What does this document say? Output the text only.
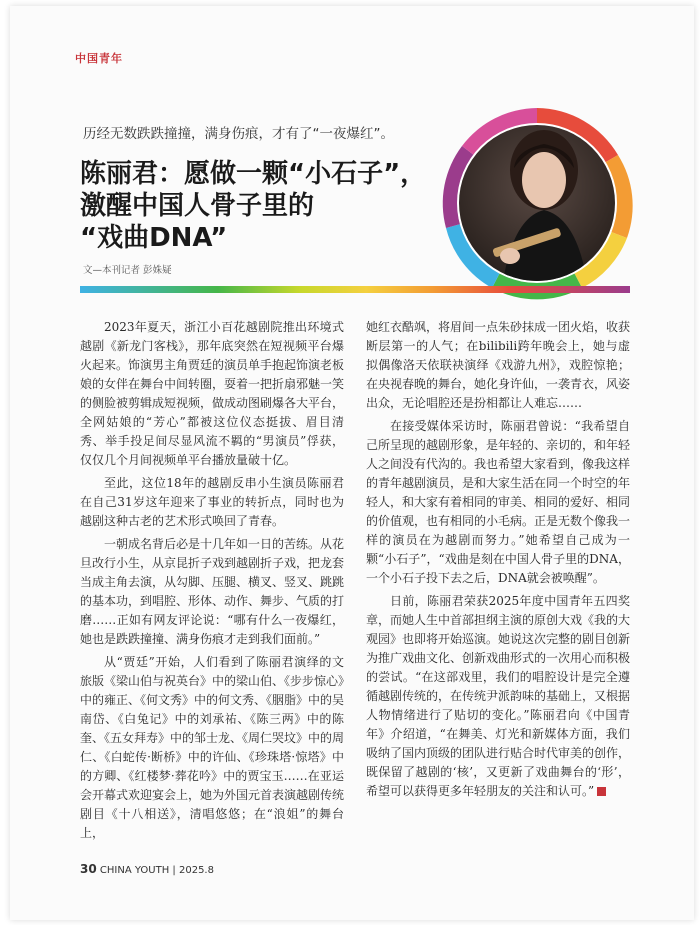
中国青年
历经无数跌跌撞撞，满身伤痕，才有了“一夜爆红”。
陈丽君：愿做一颗“小石子”，
激醒中国人骨子里的
“戏曲DNA”
文—本刊记者 彭姝疑

2023年夏天，浙江小百花越剧院推出环境式越剧《新龙门客栈》，那年底突然在短视频平台爆火起来。饰演男主角贾廷的演员单手抱起饰演老板娘的女伴在舞台中间转圈，耍着一把折扇邪魅一笑的侧脸被剪辑成短视频，做成动图刷爆各大平台，全网姑娘的“芳心”都被这位仪态挺拔、眉目清秀、举手投足间尽显风流不羁的“男演员”俘获，仅仅几个月间视频单平台播放量破十亿。

至此，这位18年的越剧反串小生演员陈丽君在自己31岁这年迎来了事业的转折点，同时也为越剧这种古老的艺术形式唤回了青春。

一朝成名背后必是十几年如一日的苦练。从花旦改行小生，从京昆折子戏到越剧折子戏，把龙套当成主角去演，从勾脚、压腿、横叉、竖叉、跳跳的基本功，到唱腔、形体、动作、舞步、气质的打磨……正如有网友评论说：“哪有什么一夜爆红，她也是跌跌撞撞、满身伤痕才走到我们面前。”

从“贾廷”开始，人们看到了陈丽君演绎的文旅版《梁山伯与祝英台》中的梁山伯、《步步惊心》中的雍正、《何文秀》中的何文秀、《胭脂》中的吴南岱、《白兔记》中的刘承祐、《陈三两》中的陈奎、《五女拜寿》中的邹士龙、《周仁哭坟》中的周仁、《白蛇传·断桥》中的许仙、《珍珠塔·惊塔》中的方卿、《红楼梦·葬花吟》中的贾宝玉……在亚运会开幕式欢迎宴会上，她为外国元首表演越剧传统剧目《十八相送》，清唱悠悠；在“浪姐”的舞台上，

她红衣酷飒，将眉间一点朱砂抹成一团火焰，收获断层第一的人气；在bilibili跨年晚会上，她与虚拟偶像洛天依联袂演绎《戏游九州》，戏腔惊艳；在央视春晚的舞台，她化身许仙，一袭青衣，风姿出众，无论唱腔还是扮相都让人难忘……

在接受媒体采访时，陈丽君曾说：“我希望自己所呈现的越剧形象，是年轻的、亲切的，和年轻人之间没有代沟的。我也希望大家看到，像我这样的青年越剧演员，是和大家生活在同一个时空的年轻人，和大家有着相同的审美、相同的爱好、相同的价值观，也有相同的小毛病。正是无数个像我一样的演员在为越剧而努力。”她希望自己成为一颗“小石子”，“戏曲是刻在中国人骨子里的DNA，一个小石子投下去之后，DNA就会被唤醒”。

日前，陈丽君荣获2025年度中国青年五四奖章，而她人生中首部担纲主演的原创大戏《我的大观园》也即将开始巡演。她说这次完整的剧目创新为推广戏曲文化、创新戏曲形式的一次用心而积极的尝试。“在这部戏里，我们的唱腔设计是完全遵循越剧传统的，在传统尹派韵味的基础上，又根据人物情绪进行了贴切的变化。”陈丽君向《中国青年》介绍道，“在舞美、灯光和新媒体方面，我们吸纳了国内顶级的团队进行贴合时代审美的创作，既保留了越剧的‘核’，又更新了戏曲舞台的‘形’，希望可以获得更多年轻朋友的关注和认可。”

30 CHINA YOUTH | 2025.8
